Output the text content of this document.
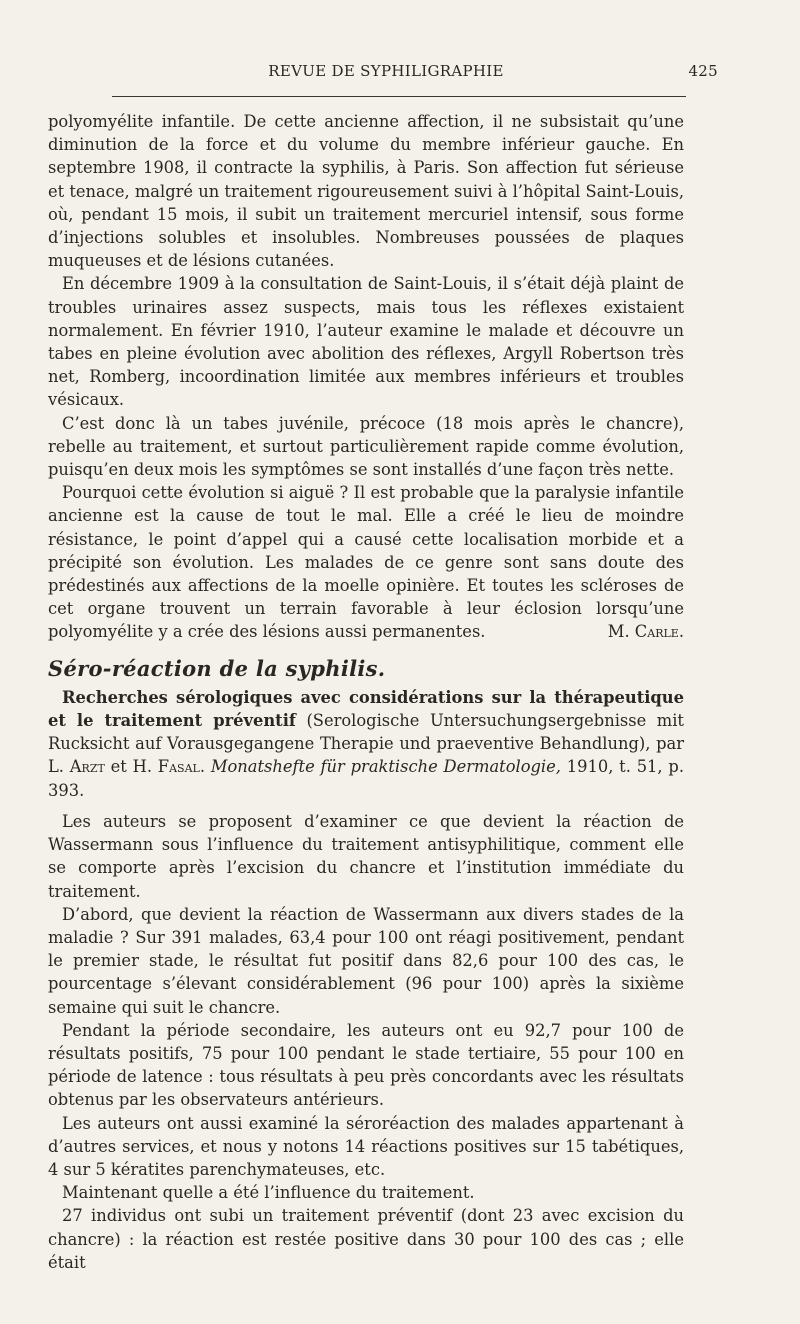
REVUE DE SYPHILIGRAPHIE	425

polyomyélite infantile. De cette ancienne affection, il ne subsistait qu’une diminution de la force et du volume du membre inférieur gauche. En septembre 1908, il contracte la syphilis, à Paris. Son affection fut sérieuse et tenace, malgré un traitement rigoureusement suivi à l’hôpital Saint-Louis, où, pendant 15 mois, il subit un traitement mercuriel intensif, sous forme d’injections solubles et insolubles. Nombreuses poussées de plaques muqueuses et de lésions cutanées.

En décembre 1909 à la consultation de Saint-Louis, il s’était déjà plaint de troubles urinaires assez suspects, mais tous les réflexes existaient normalement. En février 1910, l’auteur examine le malade et découvre un tabes en pleine évolution avec abolition des réflexes, Argyll Robertson très net, Romberg, incoordination limitée aux membres inférieurs et troubles vésicaux.

C’est donc là un tabes juvénile, précoce (18 mois après le chancre), rebelle au traitement, et surtout particulièrement rapide comme évolution, puisqu’en deux mois les symptômes se sont installés d’une façon très nette.

Pourquoi cette évolution si aiguë ? Il est probable que la paralysie infantile ancienne est la cause de tout le mal. Elle a créé le lieu de moindre résistance, le point d’appel qui a causé cette localisation morbide et a précipité son évolution. Les malades de ce genre sont sans doute des prédestinés aux affections de la moelle opinière. Et toutes les scléroses de cet organe trouvent un terrain favorable à leur éclosion lorsqu’une polyomyélite y a crée des lésions aussi permanentes.	M. Carle.

Séro-réaction de la syphilis.

Recherches sérologiques avec considérations sur la thérapeutique et le traitement préventif (Serologische Untersuchungsergebnisse mit Rucksicht auf Vorausgegangene Therapie und praeventive Behandlung), par L. Arzt et H. Fasal. Monatshefte für praktische Dermatologie, 1910, t. 51, p. 393.

Les auteurs se proposent d’examiner ce que devient la réaction de Wassermann sous l’influence du traitement antisyphilitique, comment elle se comporte après l’excision du chancre et l’institution immédiate du traitement.

D’abord, que devient la réaction de Wassermann aux divers stades de la maladie ? Sur 391 malades, 63,4 pour 100 ont réagi positivement, pendant le premier stade, le résultat fut positif dans 82,6 pour 100 des cas, le pourcentage s’élevant considérablement (96 pour 100) après la sixième semaine qui suit le chancre.

Pendant la période secondaire, les auteurs ont eu 92,7 pour 100 de résultats positifs, 75 pour 100 pendant le stade tertiaire, 55 pour 100 en période de latence : tous résultats à peu près concordants avec les résultats obtenus par les observateurs antérieurs.

Les auteurs ont aussi examiné la séroréaction des malades appartenant à d’autres services, et nous y notons 14 réactions positives sur 15 tabétiques, 4 sur 5 kératites parenchymateuses, etc.

Maintenant quelle a été l’influence du traitement.

27 individus ont subi un traitement préventif (dont 23 avec excision du chancre) : la réaction est restée positive dans 30 pour 100 des cas ; elle était
